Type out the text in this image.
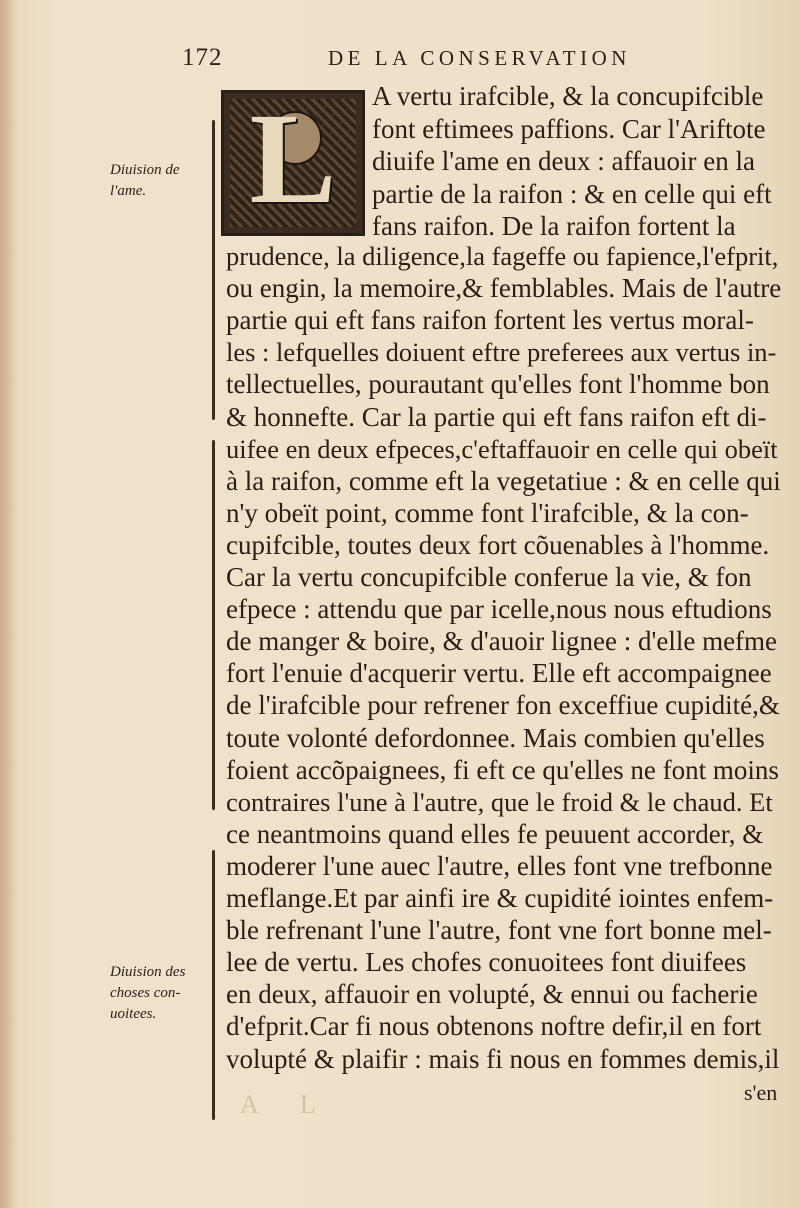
172	DE LA CONSERVATION
L
Diuision de
l'ame.
Diuision des
choses con-
uoitees.
A vertu irafcible, & la concupifcible
font eftimees paffions. Car l'Ariftote
diuife l'ame en deux : affauoir en la
partie de la raifon : & en celle qui eft
fans raifon. De la raifon fortent la
prudence, la diligence,la fageffe ou fapience,l'efprit,
ou engin, la memoire,& femblables. Mais de l'autre
partie qui eft fans raifon fortent les vertus moral-
les : lefquelles doiuent eftre preferees aux vertus in-
tellectuelles, pourautant qu'elles font l'homme bon
& honnefte. Car la partie qui eft fans raifon eft di-
uifee en deux efpeces,c'eftaffauoir en celle qui obeït
à la raifon, comme eft la vegetatiue : & en celle qui
n'y obeït point, comme font l'irafcible, & la con-
cupifcible, toutes deux fort cõuenables à l'homme.
Car la vertu concupifcible conferue la vie, & fon
efpece : attendu que par icelle,nous nous eftudions
de manger & boire, & d'auoir lignee : d'elle mefme
fort l'enuie d'acquerir vertu. Elle eft accompaignee
de l'irafcible pour refrener fon exceffiue cupidité,&
toute volonté defordonnee. Mais combien qu'elles
foient accõpaignees, fi eft ce qu'elles ne font moins
contraires l'une à l'autre, que le froid & le chaud. Et
ce neantmoins quand elles fe peuuent accorder, &
moderer l'une auec l'autre, elles font vne trefbonne
meflange.Et par ainfi ire & cupidité iointes enfem-
ble refrenant l'une l'autre, font vne fort bonne mel-
lee de vertu. Les chofes conuoitees font diuifees
en deux, affauoir en volupté, & ennui ou facherie
d'efprit.Car fi nous obtenons noftre defir,il en fort
volupté & plaifir : mais fi nous en fommes demis,il
A L	s'en
